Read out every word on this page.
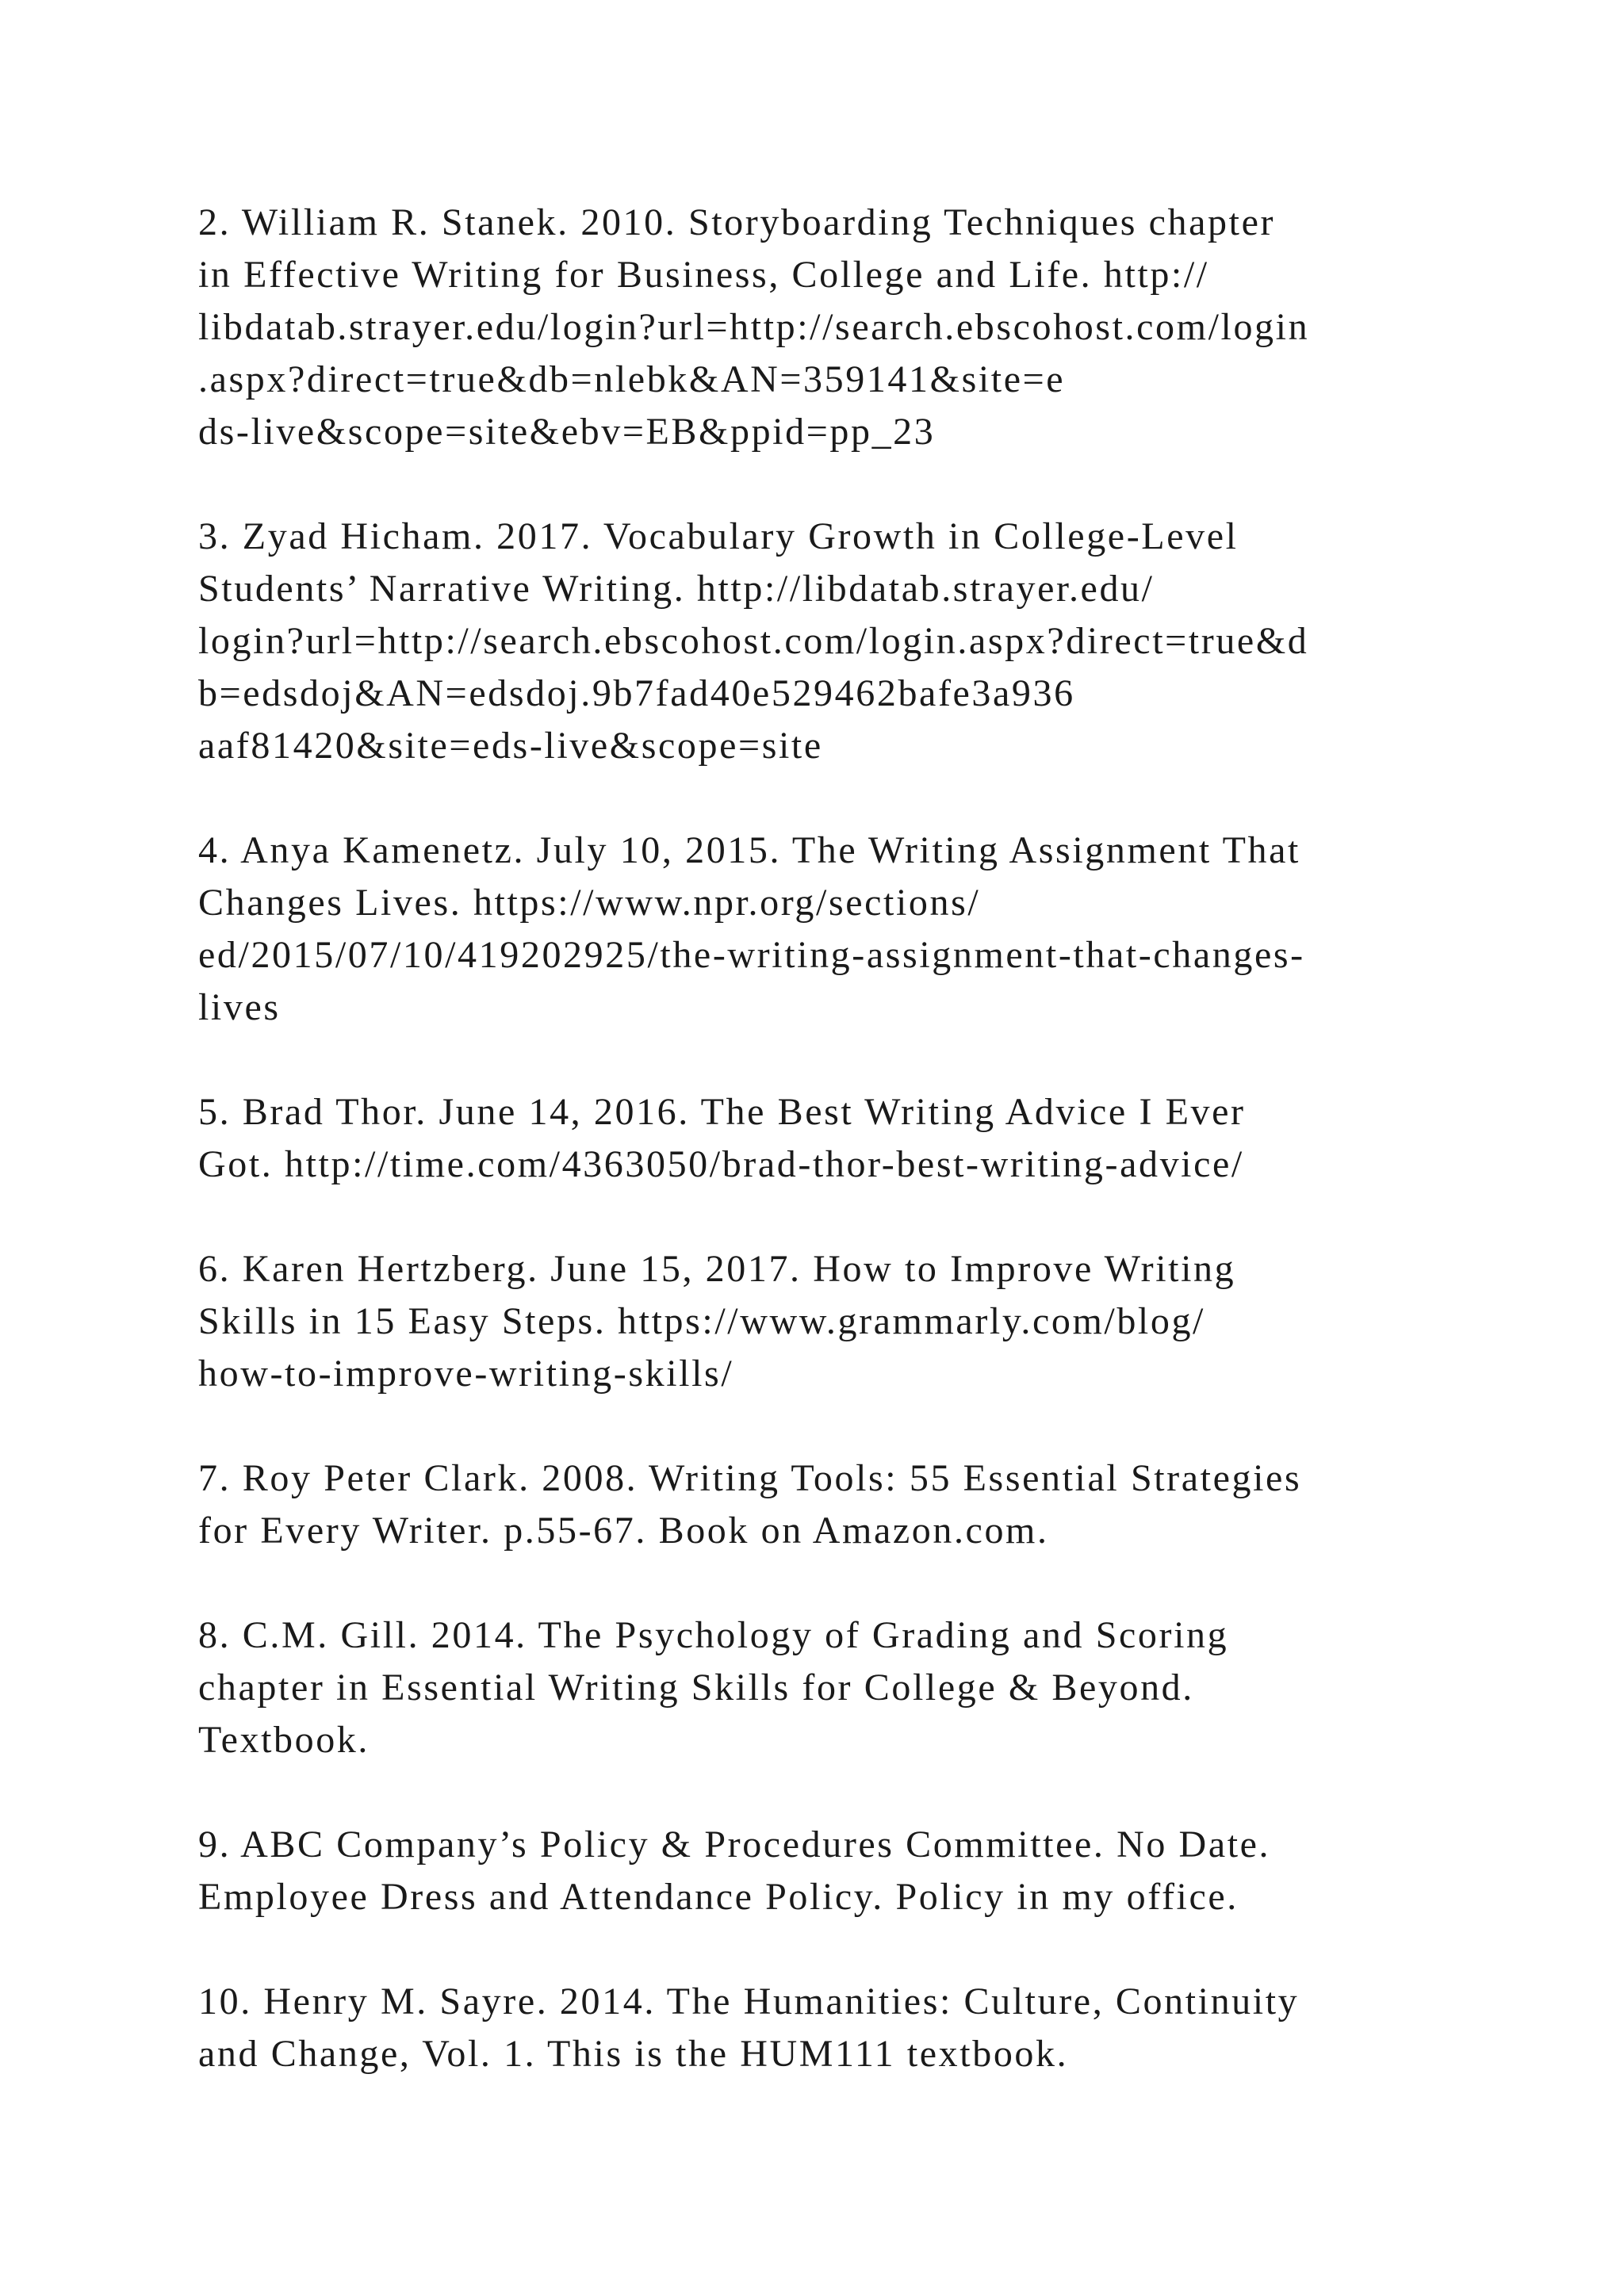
2. William R. Stanek. 2010. Storyboarding Techniques chapter
in Effective Writing for Business, College and Life. http://
libdatab.strayer.edu/login?url=http://search.ebscohost.com/login
.aspx?direct=true&db=nlebk&AN=359141&site=e
ds-live&scope=site&ebv=EB&ppid=pp_23
3. Zyad Hicham. 2017. Vocabulary Growth in College-Level
Students’ Narrative Writing. http://libdatab.strayer.edu/
login?url=http://search.ebscohost.com/login.aspx?direct=true&d
b=edsdoj&AN=edsdoj.9b7fad40e529462bafe3a936
aaf81420&site=eds-live&scope=site
4. Anya Kamenetz. July 10, 2015. The Writing Assignment That
Changes Lives. https://www.npr.org/sections/
ed/2015/07/10/419202925/the-writing-assignment-that-changes-
lives
5. Brad Thor. June 14, 2016. The Best Writing Advice I Ever
Got. http://time.com/4363050/brad-thor-best-writing-advice/
6. Karen Hertzberg. June 15, 2017. How to Improve Writing
Skills in 15 Easy Steps. https://www.grammarly.com/blog/
how-to-improve-writing-skills/
7. Roy Peter Clark. 2008. Writing Tools: 55 Essential Strategies
for Every Writer. p.55-67. Book on Amazon.com.
8. C.M. Gill. 2014. The Psychology of Grading and Scoring
chapter in Essential Writing Skills for College & Beyond.
Textbook.
9. ABC Company’s Policy & Procedures Committee. No Date.
Employee Dress and Attendance Policy. Policy in my office.
10. Henry M. Sayre. 2014. The Humanities: Culture, Continuity
and Change, Vol. 1. This is the HUM111 textbook.
